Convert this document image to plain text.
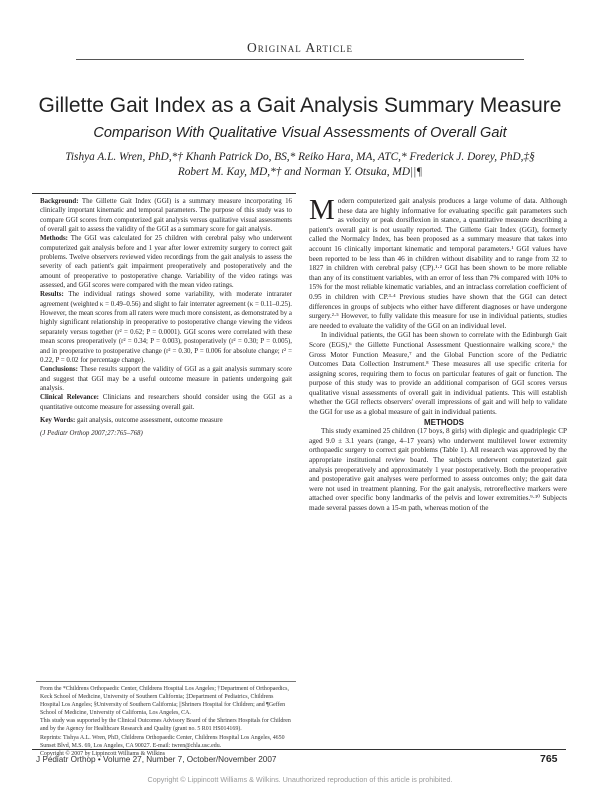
Original Article
Gillette Gait Index as a Gait Analysis Summary Measure
Comparison With Qualitative Visual Assessments of Overall Gait
Tishya A.L. Wren, PhD,*† Khanh Patrick Do, BS,* Reiko Hara, MA, ATC,* Frederick J. Dorey, PhD,‡§
Robert M. Kay, MD,*† and Norman Y. Otsuka, MD||¶

Background: The Gillette Gait Index (GGI) is a summary measure incorporating 16 clinically important kinematic and temporal parameters. The purpose of this study was to compare GGI scores from computerized gait analysis versus qualitative visual assessments of overall gait to assess the validity of the GGI as a summary score for gait analysis.

Methods: The GGI was calculated for 25 children with cerebral palsy who underwent computerized gait analysis before and 1 year after lower extremity surgery to correct gait problems. Twelve observers reviewed video recordings from the gait analysis to assess the severity of each patient's gait impairment preoperatively and postoperatively and the amount of preoperative to postoperative change. Variability of the video ratings was assessed, and GGI scores were compared with the mean video ratings.

Results: The individual ratings showed some variability, with moderate intrarater agreement (weighted κ = 0.49–0.56) and slight to fair interrater agreement (κ = 0.11–0.25). However, the mean scores from all raters were much more consistent, as demonstrated by a highly significant relationship in preoperative to postoperative change viewing the videos separately versus together (r² = 0.62; P = 0.0001). GGI scores were correlated with these mean scores preoperatively (r² = 0.34; P = 0.003), postoperatively (r² = 0.30; P = 0.005), and in preoperative to postoperative change (r² = 0.30, P = 0.006 for absolute change; r² = 0.22, P = 0.02 for percentage change).

Conclusions: These results support the validity of GGI as a gait analysis summary score and suggest that GGI may be a useful outcome measure in patients undergoing gait analysis.

Clinical Relevance: Clinicians and researchers should consider using the GGI as a quantitative outcome measure for assessing overall gait.

Key Words: gait analysis, outcome assessment, outcome measure

(J Pediatr Orthop 2007;27:765–768)

From the *Childrens Orthopaedic Center, Childrens Hospital Los Angeles; †Department of Orthopaedics, Keck School of Medicine, University of Southern California; ‡Department of Pediatrics, Childrens Hospital Los Angeles; §University of Southern California; ||Shriners Hospital for Children; and ¶Geffen School of Medicine, University of California, Los Angeles, CA.

This study was supported by the Clinical Outcomes Advisory Board of the Shriners Hospitals for Children and by the Agency for Healthcare Research and Quality (grant no. 5 R01 HS014169).

Reprints: Tishya A.L. Wren, PhD, Childrens Orthopaedic Center, Childrens Hospital Los Angeles, 4650 Sunset Blvd, M.S. 69, Los Angeles, CA 90027. E-mail: twren@chla.usc.edu.

Copyright © 2007 by Lippincott Williams & Wilkins

Modern computerized gait analysis produces a large volume of data. Although these data are highly informative for evaluating specific gait parameters such as velocity or peak dorsiflexion in stance, a quantitative measure describing a patient's overall gait is not usually reported. The Gillette Gait Index (GGI), formerly called the Normalcy Index, has been proposed as a summary measure that takes into account 16 clinically important kinematic and temporal parameters.¹ GGI values have been reported to be less than 46 in children without disability and to range from 32 to 1827 in children with cerebral palsy (CP).¹·² GGI has been shown to be more reliable than any of its constituent variables, with an error of less than 7% compared with 10% to 15% for the most reliable kinematic variables, and an intraclass correlation coefficient of 0.95 in children with CP.³·⁴ Previous studies have shown that the GGI can detect differences in groups of subjects who either have different diagnoses or have undergone surgery.²·⁵ However, to fully validate this measure for use in individual patients, studies are needed to evaluate the validity of the GGI on an individual level.

In individual patients, the GGI has been shown to correlate with the Edinburgh Gait Score (EGS),⁶ the Gillette Functional Assessment Questionnaire walking score,⁶ the Gross Motor Function Measure,⁷ and the Global Function score of the Pediatric Outcomes Data Collection Instrument.⁸ These measures all use specific criteria for assigning scores, requiring them to focus on particular features of gait or function. The purpose of this study was to provide an additional comparison of GGI scores versus qualitative visual assessments of overall gait in individual patients. This will establish whether the GGI reflects observers' overall impressions of gait and will help to validate the GGI for use as a global measure of gait in individual patients.

METHODS

This study examined 25 children (17 boys, 8 girls) with diplegic and quadriplegic CP aged 9.0 ± 3.1 years (range, 4–17 years) who underwent multilevel lower extremity orthopaedic surgery to correct gait problems (Table 1). All research was approved by the appropriate institutional review board. The subjects underwent computerized gait analysis preoperatively and approximately 1 year postoperatively. Both the preoperative and postoperative gait analyses were performed to assess outcomes only; the gait data were not used in treatment planning. For the gait analysis, retroreflective markers were attached over specific bony landmarks of the pelvis and lower extremities.⁹·¹⁰ Subjects made several passes down a 15-m path, whereas motion of the

J Pediatr Orthop • Volume 27, Number 7, October/November 2007	765
Copyright © Lippincott Williams & Wilkins. Unauthorized reproduction of this article is prohibited.
